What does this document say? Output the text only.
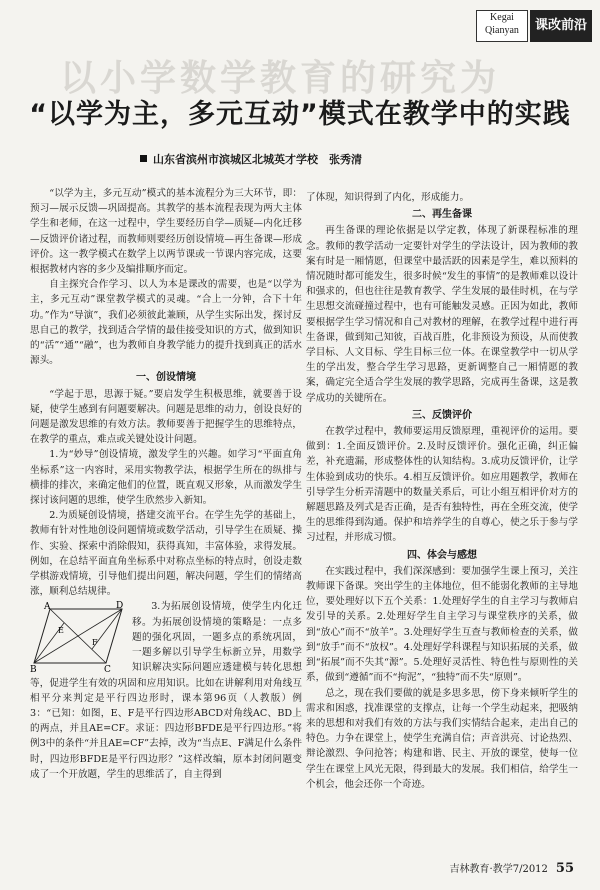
Kegai
Qianyan	课改前沿
以小学数学教育的研究为
“以学为主，多元互动”模式在教学中的实践
山东省滨州市滨城区北城英才学校　张秀清

“以学为主，多元互动”模式的基本流程分为三大环节，即：预习—展示反馈—巩固提高。其教学的基本流程表现为两大主体学生和老师，在这一过程中，学生要经历自学—质疑—内化迁移—反馈评价诸过程，而教师则要经历创设情境—再生备课—形成评价。这一教学模式在数学上以两节课或一节课内容完成，这要根据教材内容的多少及编排顺序而定。

自主探究合作学习、以人为本是课改的需要，也是“以学为主，多元互动”课堂教学模式的灵魂。“合上一分钟，合下十年功。”作为“导演”，我们必须彼此兼顾，从学生实际出发，探讨反思自己的教学，找到适合学情的最佳接受知识的方式，做到知识的“活”“通”“融”，也为教师自身教学能力的提升找到真正的活水源头。

一、创设情境

“学起于思，思源于疑。”要启发学生积极思维，就要善于设疑，使学生感到有问题要解决。问题是思维的动力，创设良好的问题是激发思维的有效方法。教师要善于把握学生的思维特点，在教学的重点，难点或关键处设计问题。

1.为“妙导”创设情境，激发学生的兴趣。如学习“平面直角坐标系”这一内容时，采用实物教学法，根据学生所在的纵排与横排的排次，来确定他们的位置，既直观又形象，从而激发学生探讨该问题的思维，使学生欣然步入新知。

2.为质疑创设情境，搭建交流平台。在学生先学的基础上，教师有针对性地创设问题情境或数学活动，引导学生在质疑、操作、实验、探索中消除假知，获得真知，丰富体验，求得发展。例如，在总结平面直角坐标系中对称点坐标的特点时，创设走数学棋游戏情境，引导他们提出问题，解决问题，学生们的情绪高涨，顺利总结规律。

A
B	C
D
E
F

3.为拓展创设情境，使学生内化迁移。为拓展创设情境的策略是：一点多题的强化巩固，一题多点的系统巩固，一题多解以引导学生标新立异，用数学知识解决实际问题应透建模与转化思想等，促进学生有效的巩固和应用知识。比如在讲解利用对角线互相平分来判定是平行四边形时，课本第96页（人教版）例3：“已知：如图，E、F是平行四边形ABCD对角线AC、BD上的两点，并且AE=CF。求证：四边形BFDE是平行四边形。”将例3中的条件“并且AE=CF”去掉，改为“当点E、F满足什么条件时，四边形BFDE是平行四边形？”这样改编，原本封闭问题变成了一个开放题，学生的思维活了，自主得到

了体现，知识得到了内化，形成能力。

二、再生备课

再生备课的理论依据是以学定教，体现了新课程标准的理念。教师的教学活动一定要针对学生的学法设计，因为教师的教案有时是一厢情愿，但课堂中最活跃的因素是学生，难以预料的情况随时都可能发生，很多时候“发生的事情”的是教师难以设计和强求的，但也往往是教育教学、学生发展的最佳时机，在与学生思想交流碰撞过程中，也有可能触发灵感。正因为如此，教师要根据学生学习情况和自己对教材的理解，在教学过程中进行再生备课，做到知己知彼，百战百胜，化非预设为预设，从而使教学目标、人文目标、学生目标三位一体。在课堂教学中一切从学生的学出发，整合学生学习思路，更新调整自己一厢情愿的教案，确定完全适合学生发展的教学思路，完成再生备课，这是教学成功的关键所在。

三、反馈评价

在教学过程中，教师要运用反馈原理，重视评价的运用。要做到：1.全面反馈评价。2.及时反馈评价。强化正确，纠正偏差，补充遗漏，形成整体性的认知结构。3.成功反馈评价，让学生体验到成功的快乐。4.相互反馈评价。如应用题教学，教师在引导学生分析弄清题中的数量关系后，可让小组互相评价对方的解题思路及列式是否正确，是否有独特性，再在全班交流，使学生的思维得到沟通。保护和培养学生的自尊心，使之乐于参与学习过程，并形成习惯。

四、体会与感想

在实践过程中，我们深深感到：要加强学生课上预习，关注教师课下备课。突出学生的主体地位，但不能弱化教师的主导地位，要处理好以下五个关系：1.处理好学生的自主学习与教师启发引导的关系。2.处理好学生自主学习与课堂秩序的关系，做到“放心”而不“放羊”。3.处理好学生互查与教师检查的关系，做到“放手”而不“放权”。4.处理好学科课程与知识拓展的关系，做到“拓展”而不失其“源”。5.处理好灵活性、特色性与原则性的关系，做到“遵循”而不“拘泥”，“独特”而不失“原则”。

总之，现在我们要做的就是多思多思，傍下身来倾听学生的需求和困惑，找准课堂的支撑点，让每一个学生动起来，把吸纳来的思想和对我们有效的方法与我们实情结合起来，走出自己的特色。力争在课堂上，使学生充满自信；声音洪亮、讨论热烈、辩论激烈、争问抢答；构建和谐、民主、开放的课堂，使每一位学生在课堂上风光无限，得到最大的发展。我们相信，给学生一个机会，他会还你一个奇迹。

吉林教育·教学7/2012 55
